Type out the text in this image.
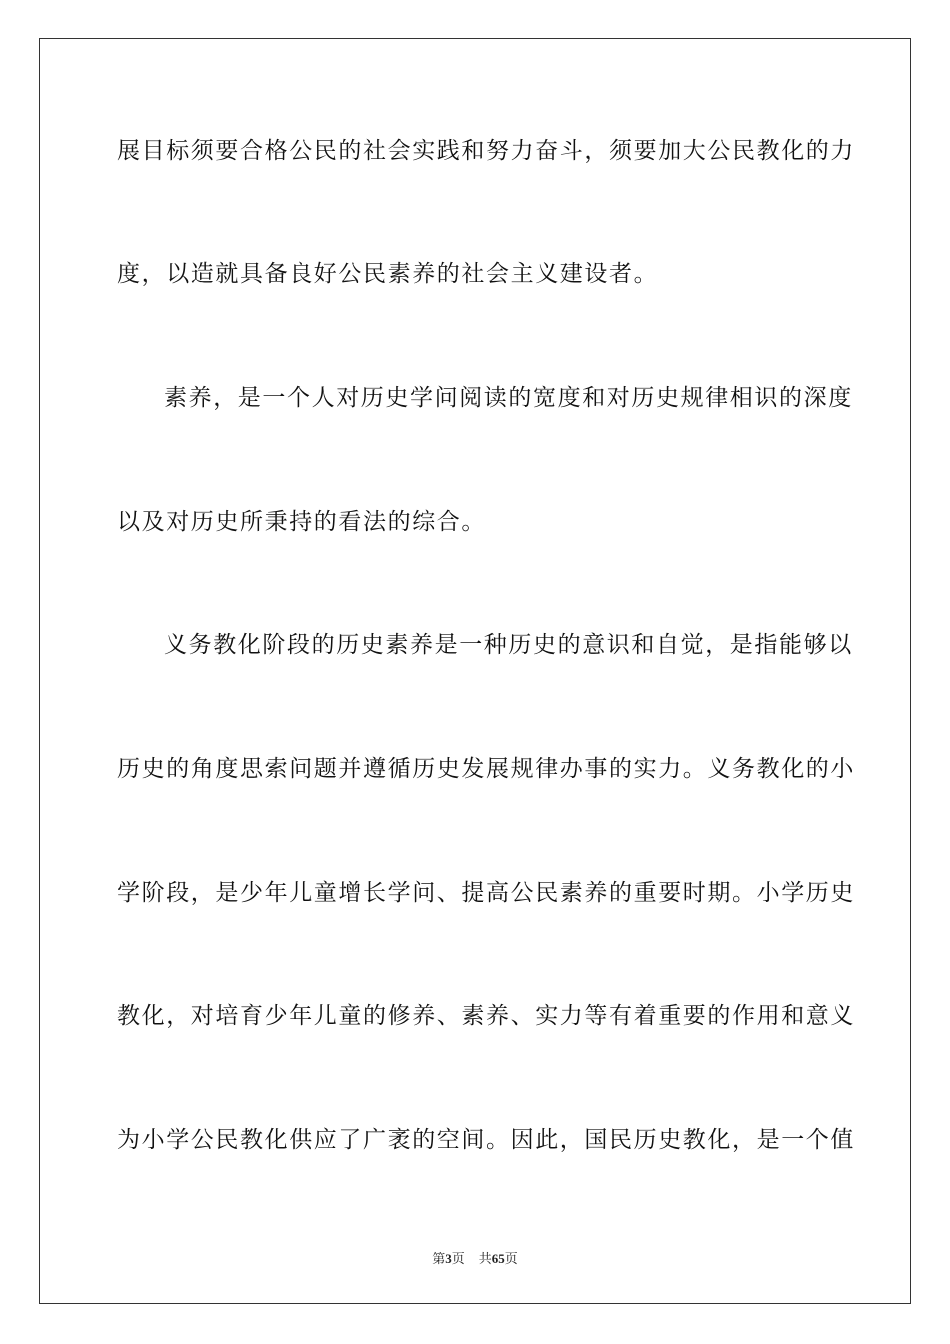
展目标须要合格公民的社会实践和努力奋斗，须要加大公民教化的力
度，以造就具备良好公民素养的社会主义建设者。
素养，是一个人对历史学问阅读的宽度和对历史规律相识的深度
以及对历史所秉持的看法的综合。
义务教化阶段的历史素养是一种历史的意识和自觉，是指能够以
历史的角度思索问题并遵循历史发展规律办事的实力。义务教化的小
学阶段，是少年儿童增长学问、提高公民素养的重要时期。小学历史
教化，对培育少年儿童的修养、素养、实力等有着重要的作用和意义
为小学公民教化供应了广袤的空间。因此，国民历史教化，是一个值
第3页 共65页
